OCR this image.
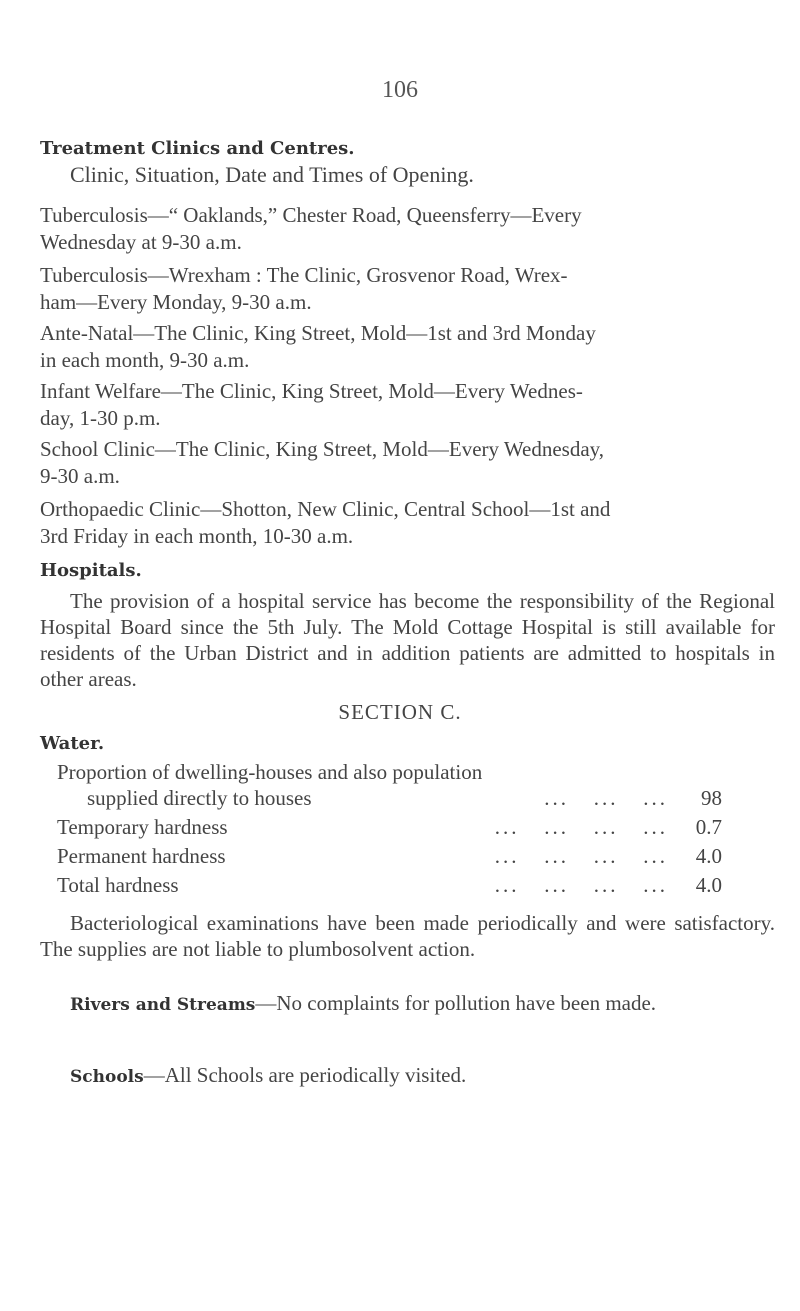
106
Treatment Clinics and Centres.
Clinic, Situation, Date and Times of Opening.
Tuberculosis—“ Oaklands,” Chester Road, Queensferry—Every
Wednesday at 9-30 a.m.
Tuberculosis—Wrexham : The Clinic, Grosvenor Road, Wrex-
ham—Every Monday, 9-30 a.m.
Ante-Natal—The Clinic, King Street, Mold—1st and 3rd Monday
in each month, 9-30 a.m.
Infant Welfare—The Clinic, King Street, Mold—Every Wednes-
day, 1-30 p.m.
School Clinic—The Clinic, King Street, Mold—Every Wednesday,
9-30 a.m.
Orthopaedic Clinic—Shotton, New Clinic, Central School—1st and
3rd Friday in each month, 10-30 a.m.
Hospitals.
The provision of a hospital service has become the responsibility of the Regional Hospital Board since the 5th July. The Mold Cottage Hospital is still available for residents of the Urban District and in addition patients are admitted to hospitals in other areas.
SECTION C.
Water.
Proportion of dwelling-houses and also population
supplied directly to houses	...   ...   ...	98
Temporary hardness	...   ...   ...   ...	0.7
Permanent hardness	...   ...   ...   ...	4.0
Total hardness	...   ...   ...   ...	4.0
Bacteriological examinations have been made periodically and were satisfactory. The supplies are not liable to plumbosolvent action.
Rivers and Streams—No complaints for pollution have been made.
Schools—All Schools are periodically visited.
